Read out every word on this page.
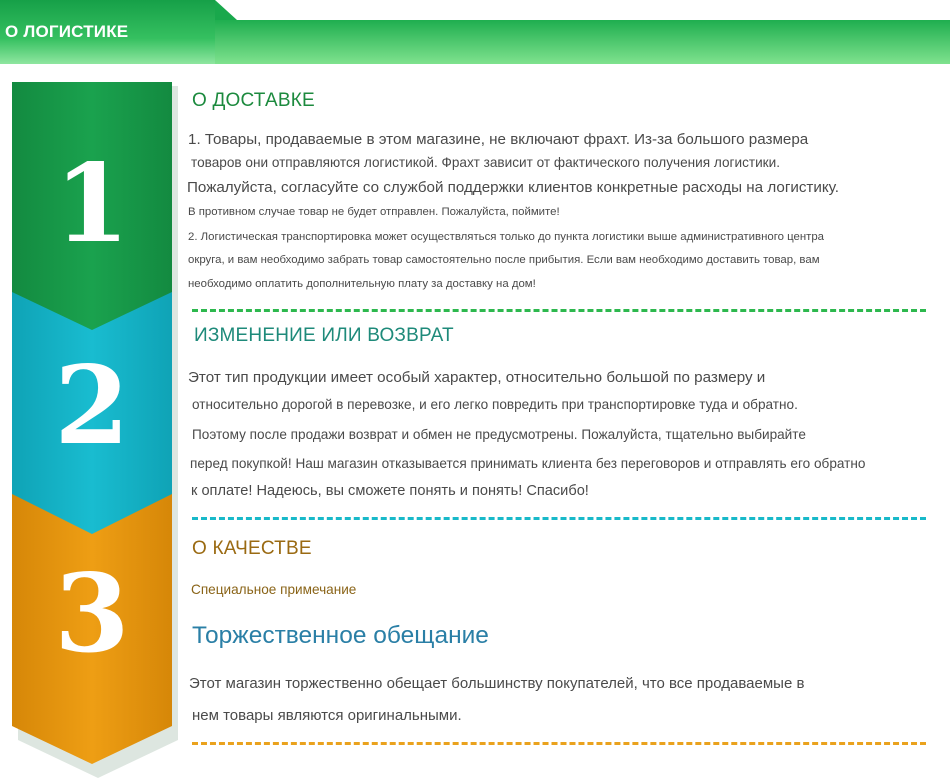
О ЛОГИСТИКЕ
1
2
3
О ДОСТАВКЕ

1. Товары, продаваемые в этом магазине, не включают фрахт. Из-за большого размера

товаров они отправляются логистикой. Фрахт зависит от фактического получения логистики.

Пожалуйста, согласуйте со службой поддержки клиентов конкретные расходы на логистику.

В противном случае товар не будет отправлен. Пожалуйста, поймите!

2. Логистическая транспортировка может осуществляться только до пункта логистики выше административного центра

округа, и вам необходимо забрать товар самостоятельно после прибытия. Если вам необходимо доставить товар, вам

необходимо оплатить дополнительную плату за доставку на дом!

ИЗМЕНЕНИЕ ИЛИ ВОЗВРАТ

Этот тип продукции имеет особый характер, относительно большой по размеру и

относительно дорогой в перевозке, и его легко повредить при транспортировке туда и обратно.

Поэтому после продажи возврат и обмен не предусмотрены. Пожалуйста, тщательно выбирайте

перед покупкой! Наш магазин отказывается принимать клиента без переговоров и отправлять его обратно

к оплате! Надеюсь, вы сможете понять и понять! Спасибо!

О КАЧЕСТВЕ
Специальное примечание
Торжественное обещание

Этот магазин торжественно обещает большинству покупателей, что все продаваемые в

нем товары являются оригинальными.
